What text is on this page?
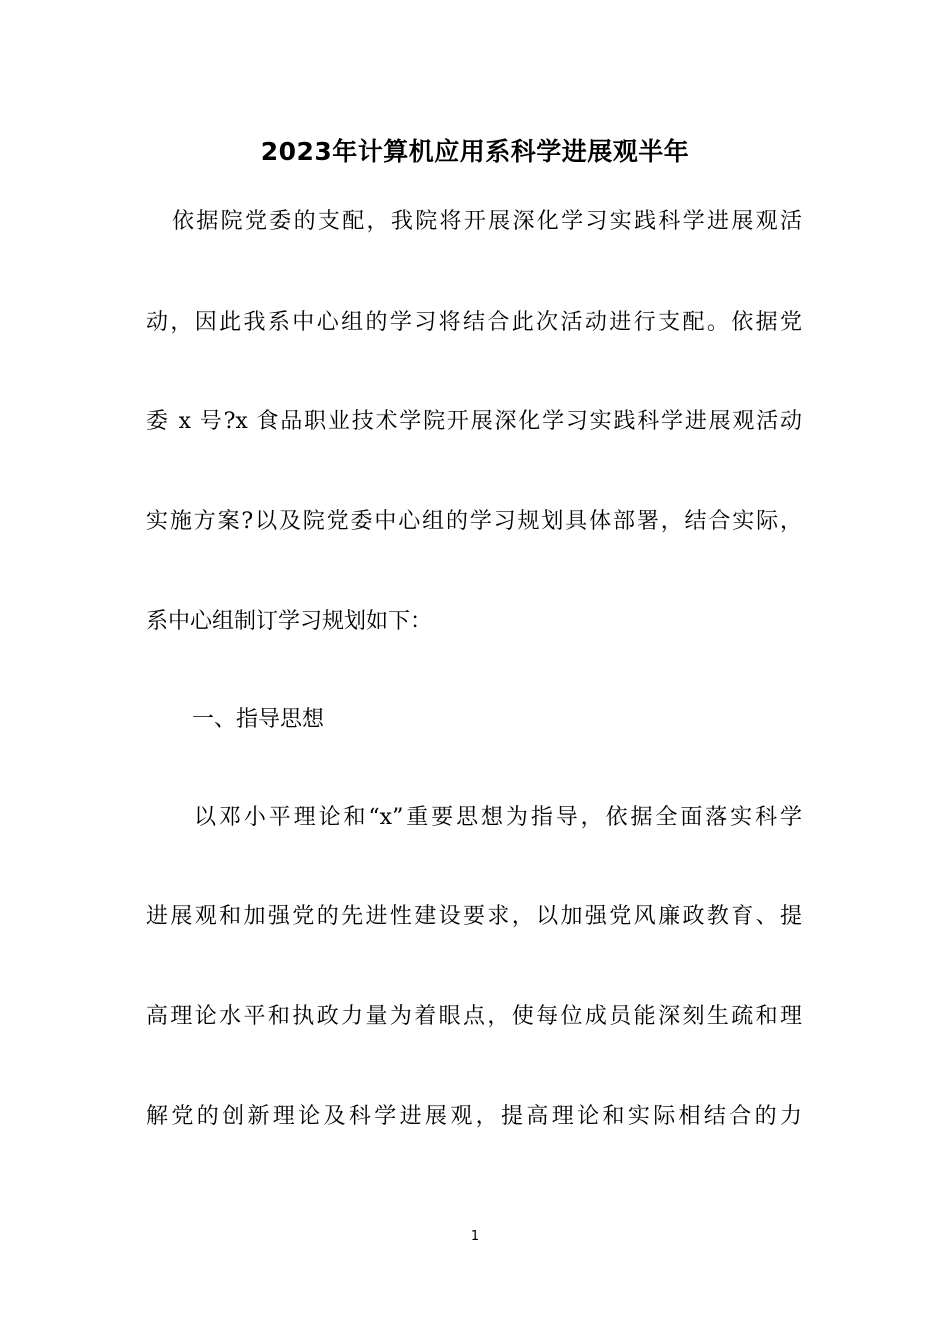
2023年计算机应用系科学进展观半年
依据院党委的支配，我院将开展深化学习实践科学进展观活
动，因此我系中心组的学习将结合此次活动进行支配。依据党
委 x 号?x 食品职业技术学院开展深化学习实践科学进展观活动
实施方案?以及院党委中心组的学习规划具体部署，结合实际，
系中心组制订学习规划如下：
一、指导思想
以邓小平理论和“x”重要思想为指导，依据全面落实科学
进展观和加强党的先进性建设要求，以加强党风廉政教育、提
高理论水平和执政力量为着眼点，使每位成员能深刻生疏和理
解党的创新理论及科学进展观，提高理论和实际相结合的力
1
